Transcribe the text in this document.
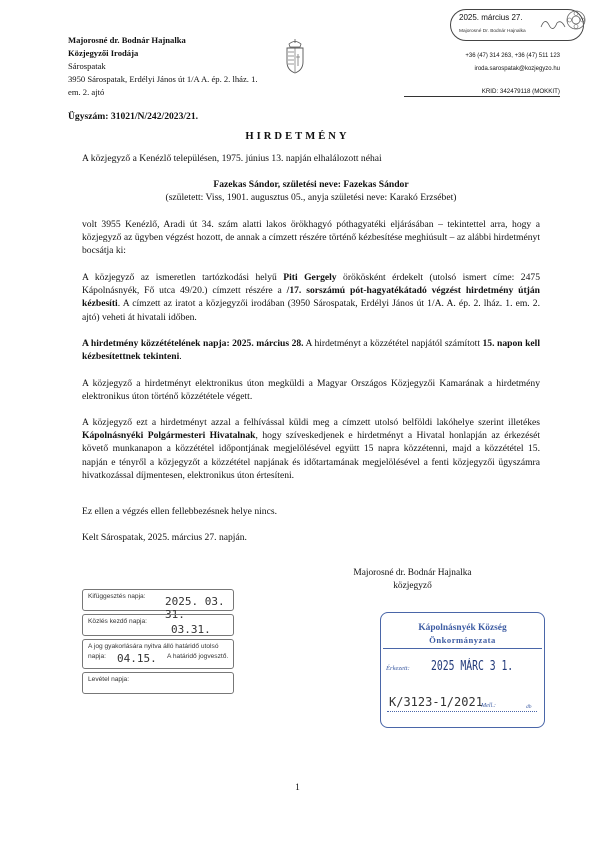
Majorosné dr. Bodnár Hajnalka
Közjegyzői Irodája
Sárospatak
3950 Sárospatak, Erdélyi János út 1/A A. ép. 2. lház. 1.
em. 2. ajtó
2025. március 27.
Majorosné Dr. Bodnár Hajnalka
+36 (47) 314 263, +36 (47) 511 123
iroda.sarospatak@kozjegyzo.hu
KRID: 342479118 (MOKKIT)
Ügyszám: 31021/N/242/2023/21.
HIRDETMÉNY
A közjegyző a Kenézlő településen, 1975. június 13. napján elhalálozott néhai
Fazekas Sándor, születési neve: Fazekas Sándor
(született: Viss, 1901. augusztus 05., anyja születési neve: Karakó Erzsébet)
volt 3955 Kenézlő, Aradi út 34. szám alatti lakos örökhagyó póthagyatéki eljárásában – tekintettel arra, hogy a közjegyző az ügyben végzést hozott, de annak a címzett részére történő kézbesítése meghiúsult – az alábbi hirdetményt bocsátja ki:
A közjegyző az ismeretlen tartózkodási helyű Piti Gergely örökösként érdekelt (utolsó ismert címe: 2475 Kápolnásnyék, Fő utca 49/20.) címzett részére a /17. sorszámú pót-hagyatékátadó végzést hirdetmény útján kézbesíti. A címzett az iratot a közjegyzői irodában (3950 Sárospatak, Erdélyi János út 1/A. A. ép. 2. lház. 1. em. 2. ajtó) veheti át hivatali időben.
A hirdetmény közzétételének napja: 2025. március 28. A hirdetményt a közzététel napjától számított 15. napon kell kézbesítettnek tekinteni.
A közjegyző a hirdetményt elektronikus úton megküldi a Magyar Országos Közjegyzői Kamarának a hirdetmény elektronikus úton történő közzététele végett.
A közjegyző ezt a hirdetményt azzal a felhívással küldi meg a címzett utolsó belföldi lakóhelye szerint illetékes Kápolnásnyéki Polgármesteri Hivatalnak, hogy szíveskedjenek e hirdetményt a Hivatal honlapján az érkezését követő munkanapon a közzététel időpontjának megjelölésével együtt 15 napra közzétenni, majd a közzététel 15. napján e tényről a közjegyzőt a közzététel napjának és időtartamának megjelölésével a fenti közjegyzői ügyszámra hivatkozással díjmentesen, elektronikus úton értesíteni.
Ez ellen a végzés ellen fellebbezésnek helye nincs.
Kelt Sárospatak, 2025. március 27. napján.
Majorosné dr. Bodnár Hajnalka
közjegyző
Kifüggesztés napja: 2025. 03. 31.
Közlés kezdő napja:
03.31.
A jog gyakorlására nyitva álló határidő utolsó
napja: 04.15. A határidő jogvesztő.
Levétel napja:
Kápolnásnyék Község
Önkormányzata
Érkezett: 2025 MÁRC 3 1.
K/3123-1/2021
Mell.:	db
1
